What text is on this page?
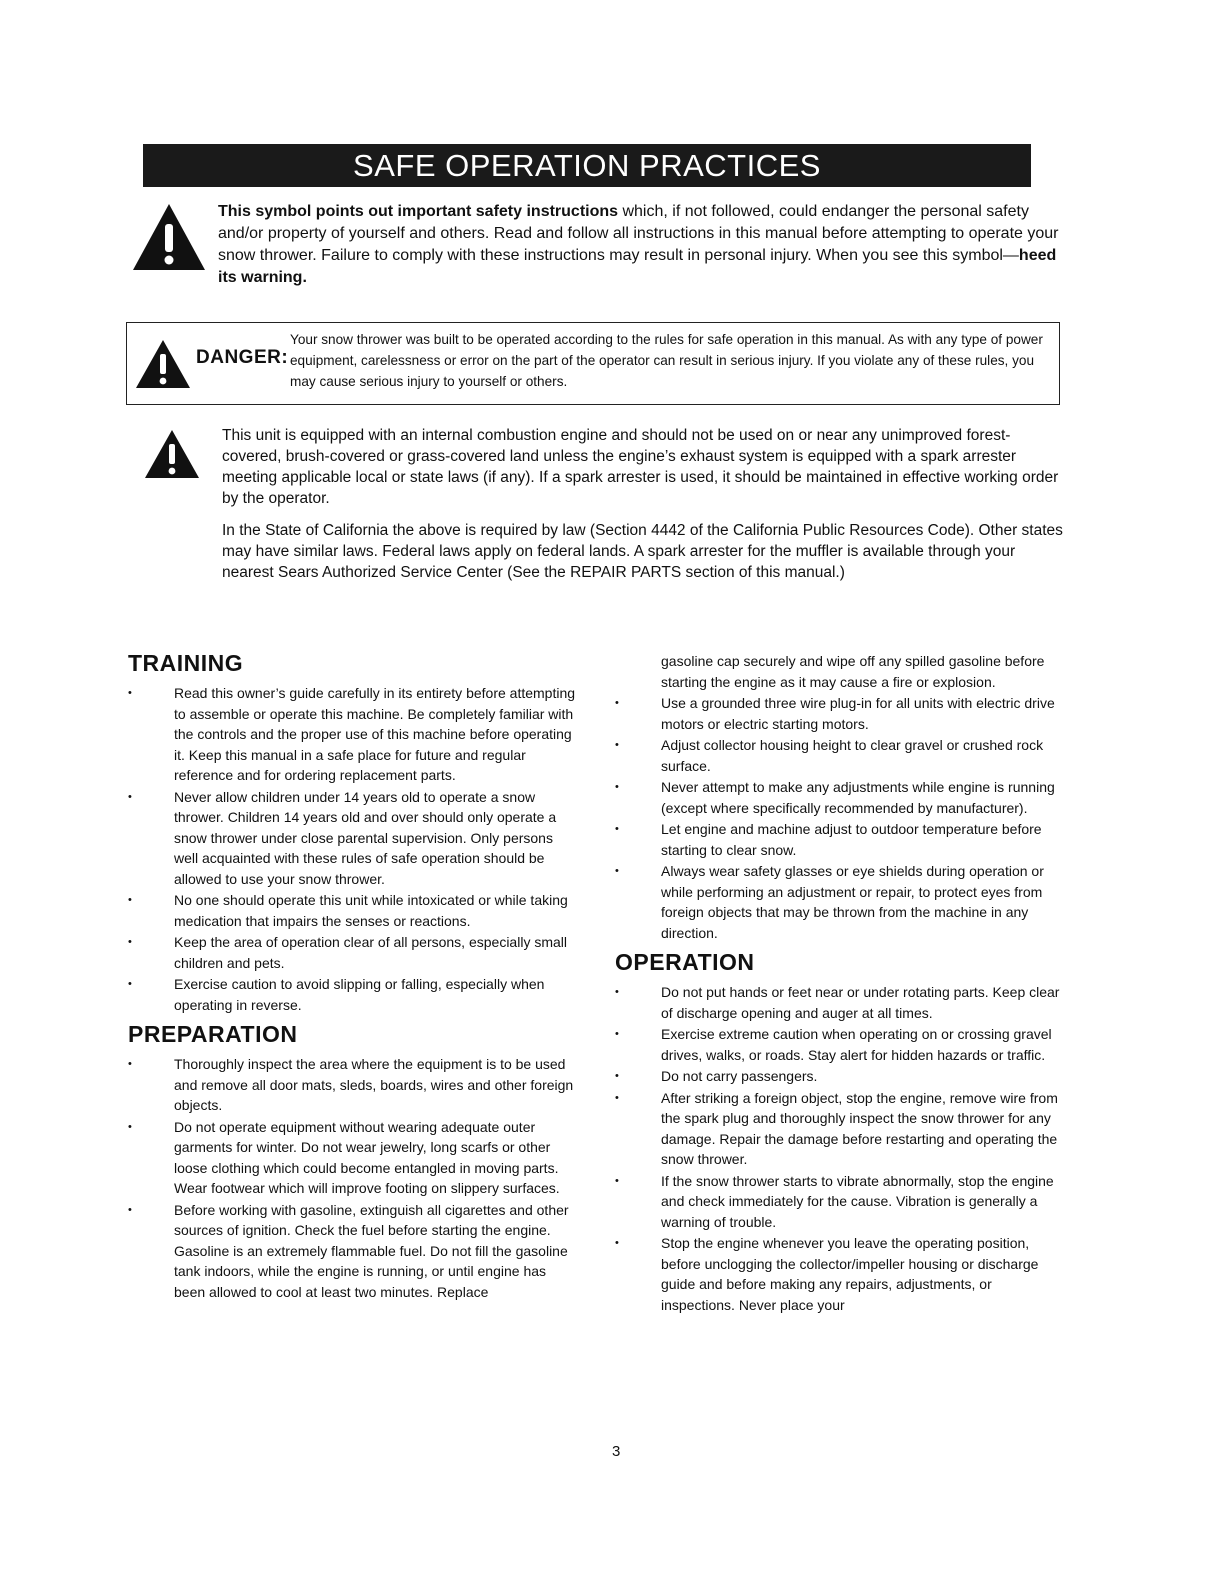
SAFE OPERATION PRACTICES
This symbol points out important safety instructions which, if not followed, could endanger the personal safety and/or property of yourself and others. Read and follow all instructions in this manual before attempting to operate your snow thrower. Failure to comply with these instructions may result in personal injury. When you see this symbol—heed its warning.
DANGER:
Your snow thrower was built to be operated according to the rules for safe operation in this manual. As with any type of power equipment, carelessness or error on the part of the operator can result in serious injury. If you violate any of these rules, you may cause serious injury to yourself or others.

This unit is equipped with an internal combustion engine and should not be used on or near any unimproved forest-covered, brush-covered or grass-covered land unless the engine’s exhaust system is equipped with a spark arrester meeting applicable local or state laws (if any). If a spark arrester is used, it should be maintained in effective working order by the operator.

In the State of California the above is required by law (Section 4442 of the California Public Resources Code). Other states may have similar laws. Federal laws apply on federal lands. A spark arrester for the muffler is available through your nearest Sears Authorized Service Center (See the REPAIR PARTS section of this manual.)

TRAINING
• Read this owner’s guide carefully in its entirety before attempting to assemble or operate this machine. Be completely familiar with the controls and the proper use of this machine before operating it. Keep this manual in a safe place for future and regular reference and for ordering replacement parts.
• Never allow children under 14 years old to operate a snow thrower. Children 14 years old and over should only operate a snow thrower under close parental supervision. Only persons well acquainted with these rules of safe operation should be allowed to use your snow thrower.
• No one should operate this unit while intoxicated or while taking medication that impairs the senses or reactions.
• Keep the area of operation clear of all persons, especially small children and pets.
• Exercise caution to avoid slipping or falling, especially when operating in reverse.
PREPARATION
• Thoroughly inspect the area where the equipment is to be used and remove all door mats, sleds, boards, wires and other foreign objects.
• Do not operate equipment without wearing adequate outer garments for winter. Do not wear jewelry, long scarfs or other loose clothing which could become entangled in moving parts. Wear footwear which will improve footing on slippery surfaces.
• Before working with gasoline, extinguish all cigarettes and other sources of ignition. Check the fuel before starting the engine. Gasoline is an extremely flammable fuel. Do not fill the gasoline tank indoors, while the engine is running, or until engine has been allowed to cool at least two minutes. Replace
gasoline cap securely and wipe off any spilled gasoline before starting the engine as it may cause a fire or explosion.
• Use a grounded three wire plug-in for all units with electric drive motors or electric starting motors.
• Adjust collector housing height to clear gravel or crushed rock surface.
• Never attempt to make any adjustments while engine is running (except where specifically recommended by manufacturer).
• Let engine and machine adjust to outdoor temperature before starting to clear snow.
• Always wear safety glasses or eye shields during operation or while performing an adjustment or repair, to protect eyes from foreign objects that may be thrown from the machine in any direction.
OPERATION
• Do not put hands or feet near or under rotating parts. Keep clear of discharge opening and auger at all times.
• Exercise extreme caution when operating on or crossing gravel drives, walks, or roads. Stay alert for hidden hazards or traffic.
• Do not carry passengers.
• After striking a foreign object, stop the engine, remove wire from the spark plug and thoroughly inspect the snow thrower for any damage. Repair the damage before restarting and operating the snow thrower.
• If the snow thrower starts to vibrate abnormally, stop the engine and check immediately for the cause. Vibration is generally a warning of trouble.
• Stop the engine whenever you leave the operating position, before unclogging the collector/impeller housing or discharge guide and before making any repairs, adjustments, or inspections. Never place your
3
